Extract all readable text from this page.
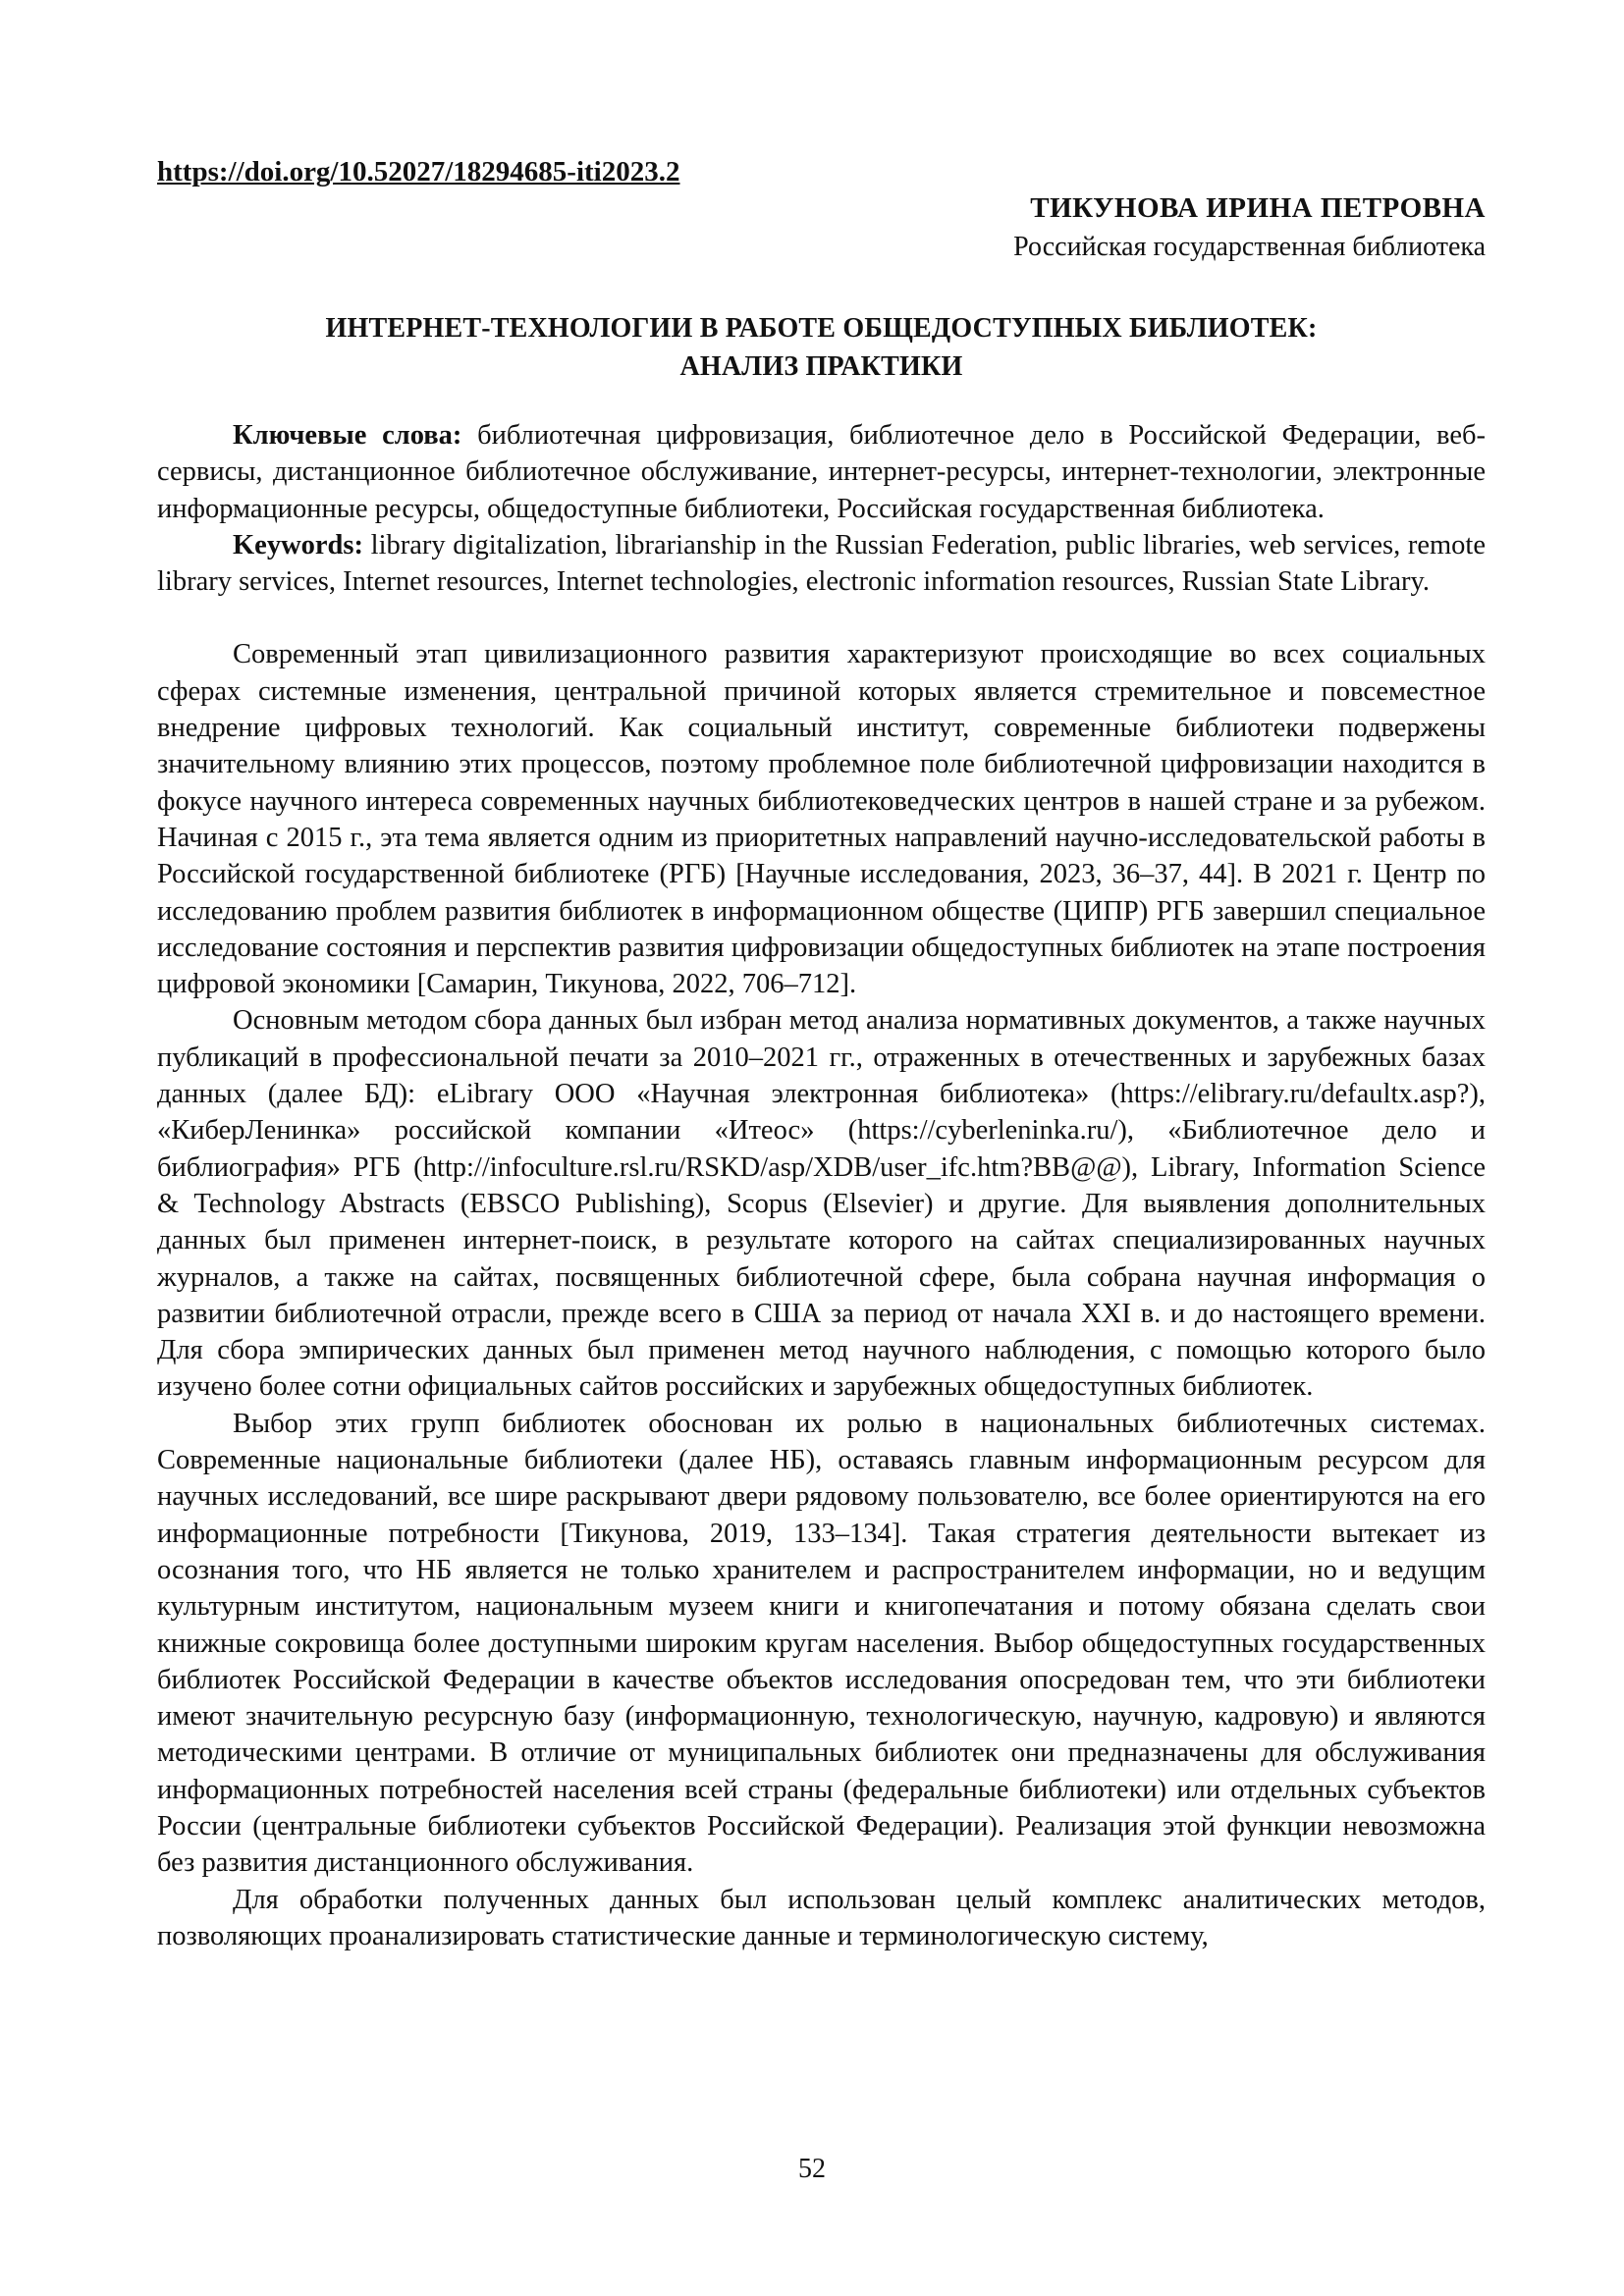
https://doi.org/10.52027/18294685-iti2023.2
ТИКУНОВА ИРИНА ПЕТРОВНА
Российская государственная библиотека
ИНТЕРНЕТ-ТЕХНОЛОГИИ В РАБОТЕ ОБЩЕДОСТУПНЫХ БИБЛИОТЕК:
АНАЛИЗ ПРАКТИКИ

Ключевые слова: библиотечная цифровизация, библиотечное дело в Российской Федерации, веб-сервисы, дистанционное библиотечное обслуживание, интернет-ресурсы, интернет-технологии, электронные информационные ресурсы, общедоступные библиотеки, Российская государственная библиотека.

Keywords: library digitalization, librarianship in the Russian Federation, public libraries, web services, remote library services, Internet resources, Internet technologies, electronic information resources, Russian State Library.

Современный этап цивилизационного развития характеризуют происходящие во всех социальных сферах системные изменения, центральной причиной которых является стремительное и повсеместное внедрение цифровых технологий. Как социальный институт, современные библиотеки подвержены значительному влиянию этих процессов, поэтому проблемное поле библиотечной цифровизации находится в фокусе научного интереса современных научных библиотековедческих центров в нашей стране и за рубежом. Начиная с 2015 г., эта тема является одним из приоритетных направлений научно-исследовательской работы в Российской государственной библиотеке (РГБ) [Научные исследования, 2023, 36–37, 44]. В 2021 г. Центр по исследованию проблем развития библиотек в информационном обществе (ЦИПР) РГБ завершил специальное исследование состояния и перспектив развития цифровизации общедоступных библиотек на этапе построения цифровой экономики [Самарин, Тикунова, 2022, 706–712].

Основным методом сбора данных был избран метод анализа нормативных документов, а также научных публикаций в профессиональной печати за 2010–2021 гг., отраженных в отечественных и зарубежных базах данных (далее БД): eLibrary ООО «Научная электронная библиотека» (https://elibrary.ru/defaultx.asp?), «КиберЛенинка» российской компании «Итеос» (https://cyberleninka.ru/), «Библиотечное дело и библиография» РГБ (http://infoculture.rsl.ru/RSKD/asp/XDB/user_ifc.htm?BB@@), Library, Information Science & Technology Abstracts (EBSCO Publishing), Scopus (Elsevier) и другие. Для выявления дополнительных данных был применен интернет-поиск, в результате которого на сайтах специализированных научных журналов, а также на сайтах, посвященных библиотечной сфере, была собрана научная информация о развитии библиотечной отрасли, прежде всего в США за период от начала XXI в. и до настоящего времени. Для сбора эмпирических данных был применен метод научного наблюдения, с помощью которого было изучено более сотни официальных сайтов российских и зарубежных общедоступных библиотек.

Выбор этих групп библиотек обоснован их ролью в национальных библиотечных системах. Современные национальные библиотеки (далее НБ), оставаясь главным информационным ресурсом для научных исследований, все шире раскрывают двери рядовому пользователю, все более ориентируются на его информационные потребности [Тикунова, 2019, 133–134]. Такая стратегия деятельности вытекает из осознания того, что НБ является не только хранителем и распространителем информации, но и ведущим культурным институтом, национальным музеем книги и книгопечатания и потому обязана сделать свои книжные сокровища более доступными широким кругам населения. Выбор общедоступных государственных библиотек Российской Федерации в качестве объектов исследования опосредован тем, что эти библиотеки имеют значительную ресурсную базу (информационную, технологическую, научную, кадровую) и являются методическими центрами. В отличие от муниципальных библиотек они предназначены для обслуживания информационных потребностей населения всей страны (федеральные библиотеки) или отдельных субъектов России (центральные библиотеки субъектов Российской Федерации). Реализация этой функции невозможна без развития дистанционного обслуживания.

Для обработки полученных данных был использован целый комплекс аналитических методов, позволяющих проанализировать статистические данные и терминологическую систему,

52
